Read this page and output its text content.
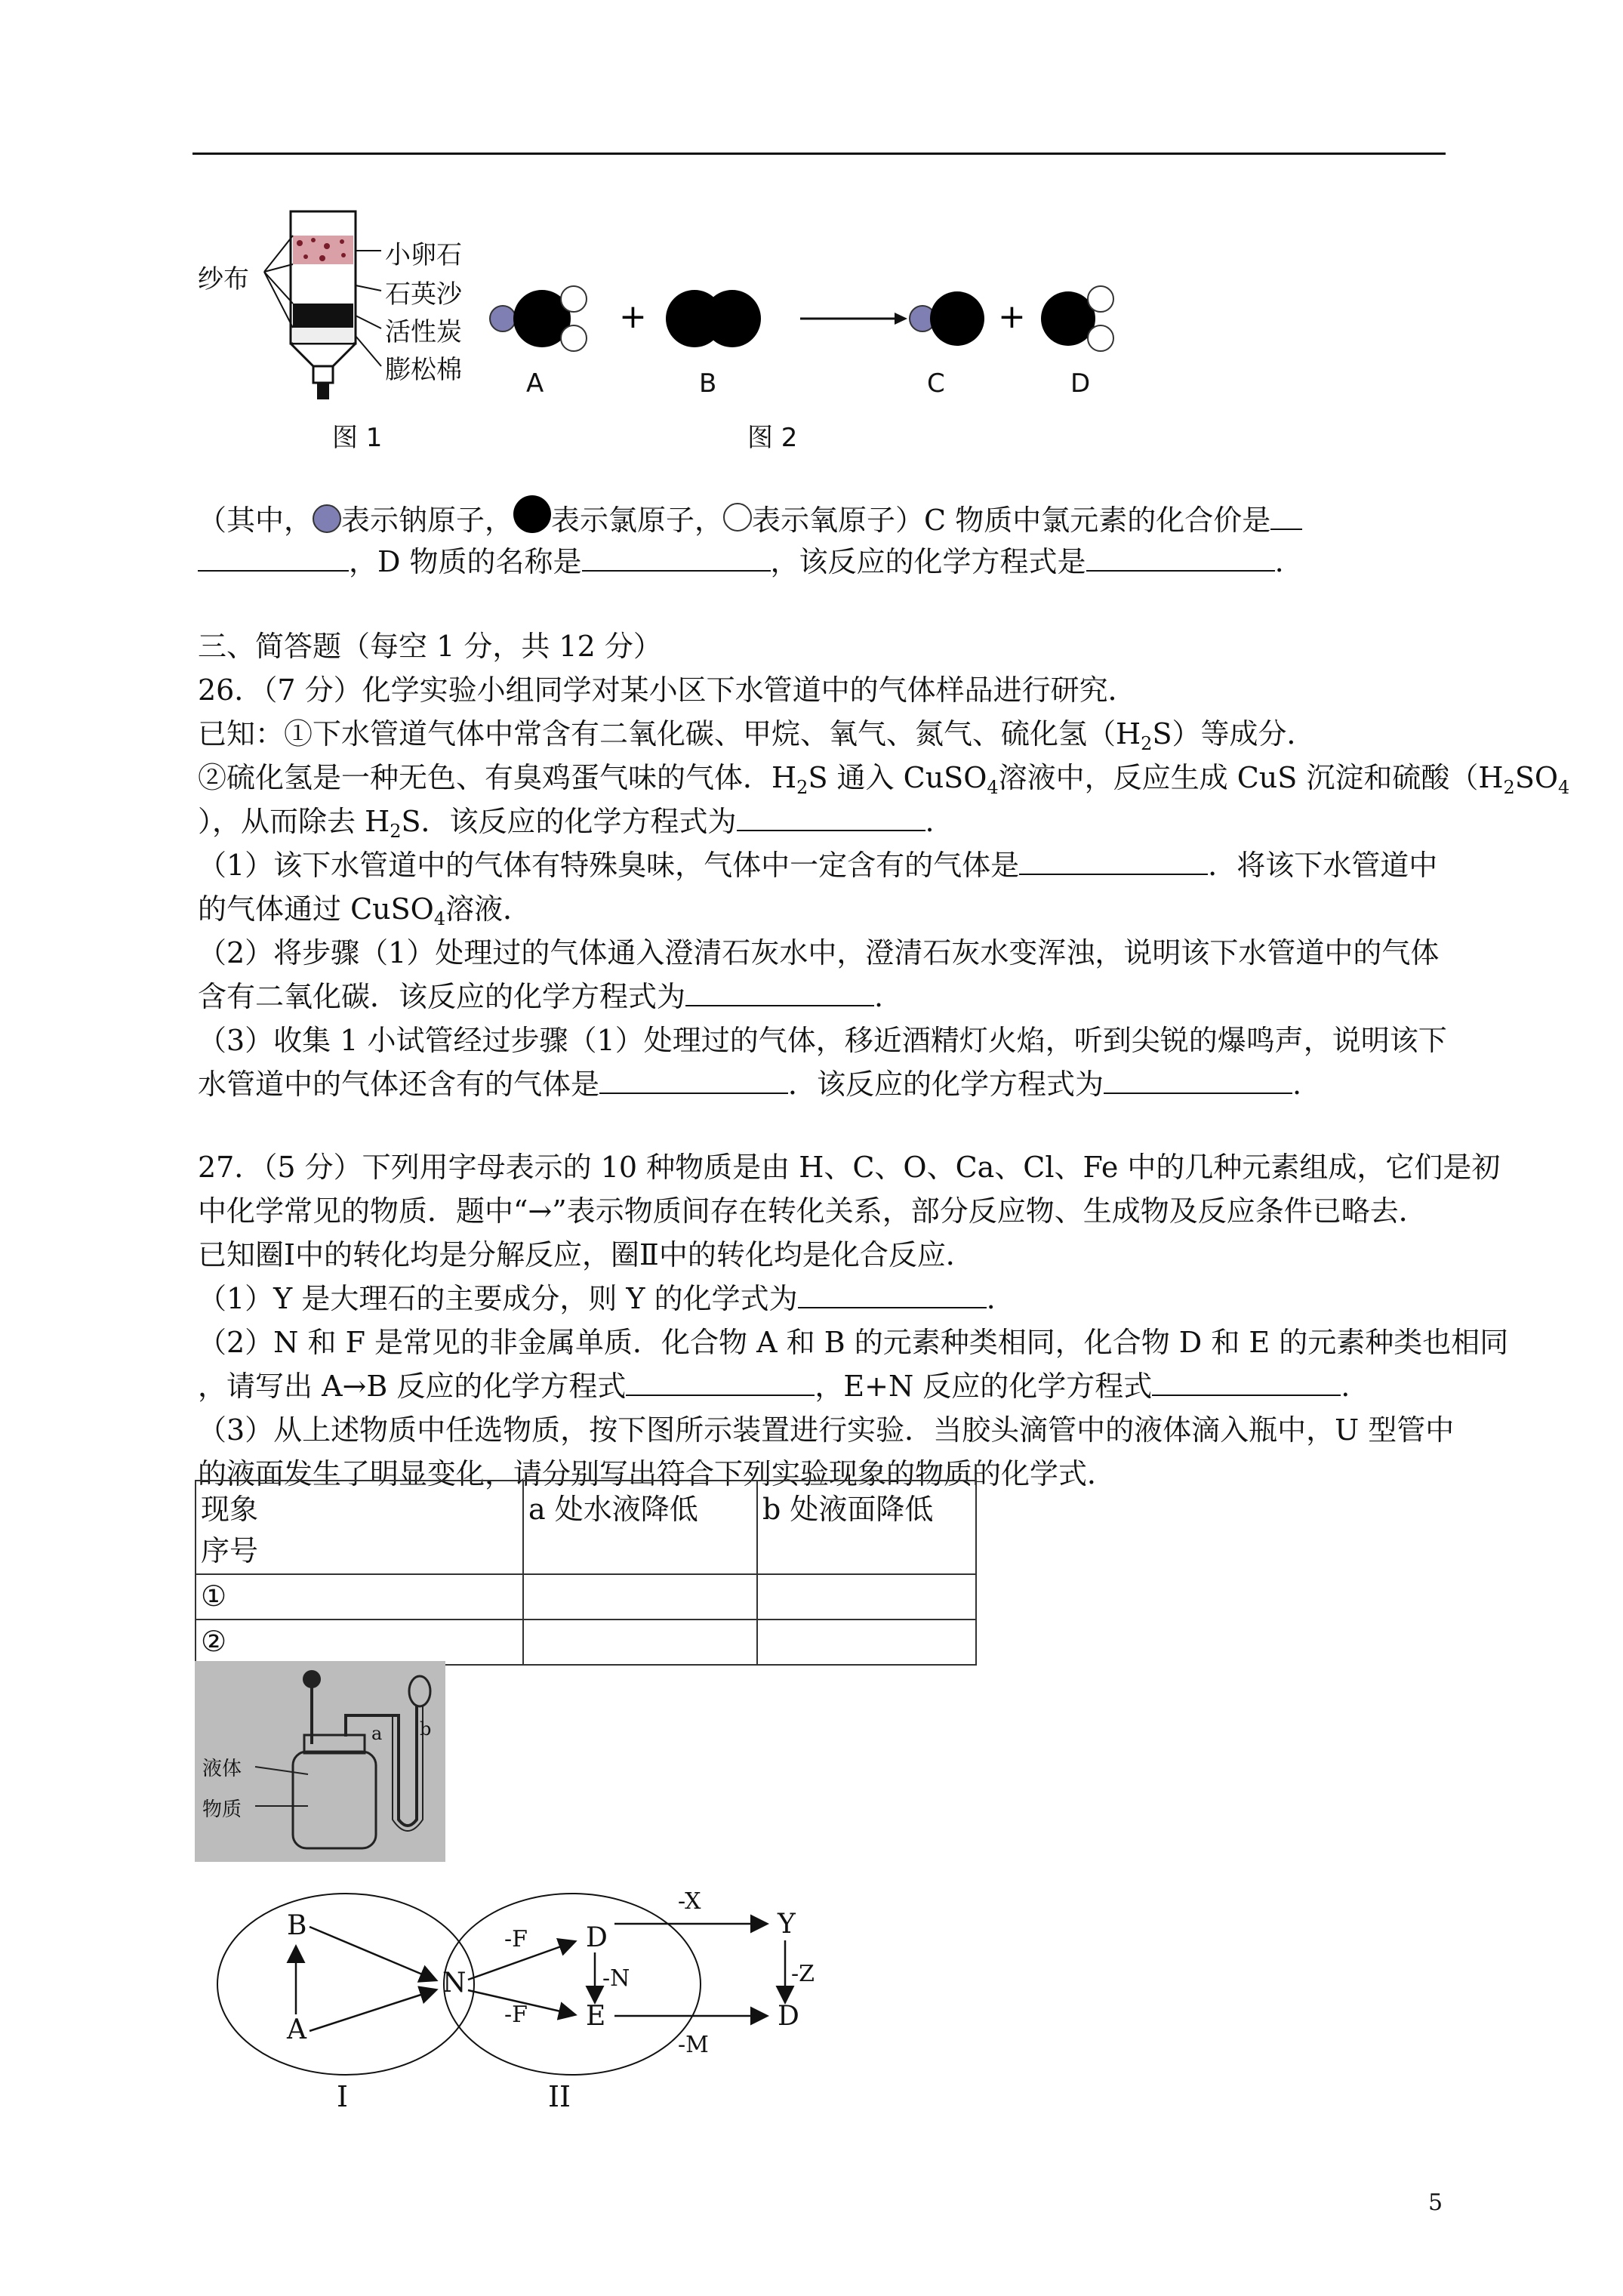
纱布
小卵石
石英沙
活性炭
膨松棉
图 1
+	+
A	B	C	D
图 2
（其中， 表示钠原子， 表示氯原子， 表示氧原子）C 物质中氯元素的化合价是
，D 物质的名称是	，该反应的化学方程式是	.
三、简答题（每空 1 分，共 12 分）
26．（7 分）化学实验小组同学对某小区下水管道中的气体样品进行研究．
已知：①下水管道气体中常含有二氧化碳、甲烷、氧气、氮气、硫化氢$(H_2S)$等成分．
②硫化氢是一种无色、有臭鸡蛋气味的气体．$H_2S$ 通入 CuSO$_4$溶液中，反应生成 CuS 沉淀和硫酸（$H_2SO_4$
），从而除去 $H_2S$．该反应的化学方程式为	.
（1）该下水管道中的气体有特殊臭味，气体中一定含有的气体是	．将该下水管道中
的气体通过 CuSO$_4$溶液．
（2）将步骤（1）处理过的气体通入澄清石灰水中，澄清石灰水变浑浊，说明该下水管道中的气体
含有二氧化碳．该反应的化学方程式为	.
（3）收集 1 小试管经过步骤（1）处理过的气体，移近酒精灯火焰，听到尖锐的爆鸣声，说明该下
水管道中的气体还含有的气体是	．该反应的化学方程式为	.
27．（5 分）下列用字母表示的 10 种物质是由 H、C、O、Ca、Cl、Fe 中的几种元素组成，它们是初
中化学常见的物质．题中“→”表示物质间存在转化关系，部分反应物、生成物及反应条件已略去．
已知圈Ⅰ中的转化均是分解反应，圈Ⅱ中的转化均是化合反应．
（1）Y 是大理石的主要成分，则 Y 的化学式为	.
（2）N 和 F 是常见的非金属单质．化合物 A 和 B 的元素种类相同，化合物 D 和 E 的元素种类也相同
，请写出 A→B 反应的化学方程式	，E+N 反应的化学方程式	.
（3）从上述物质中任选物质，按下图所示装置进行实验．当胶头滴管中的液体滴入瓶中，U 型管中
的液面发生了明显变化，请分别写出符合下列实验现象的物质的化学式．
现象
序号	a 处水液降低	b 处液面降低
①		
②		
液体
物质
a b
B
A
N
D
E
Y
D
-F
-F
-N
-X
-Z
-M
I	II
5
